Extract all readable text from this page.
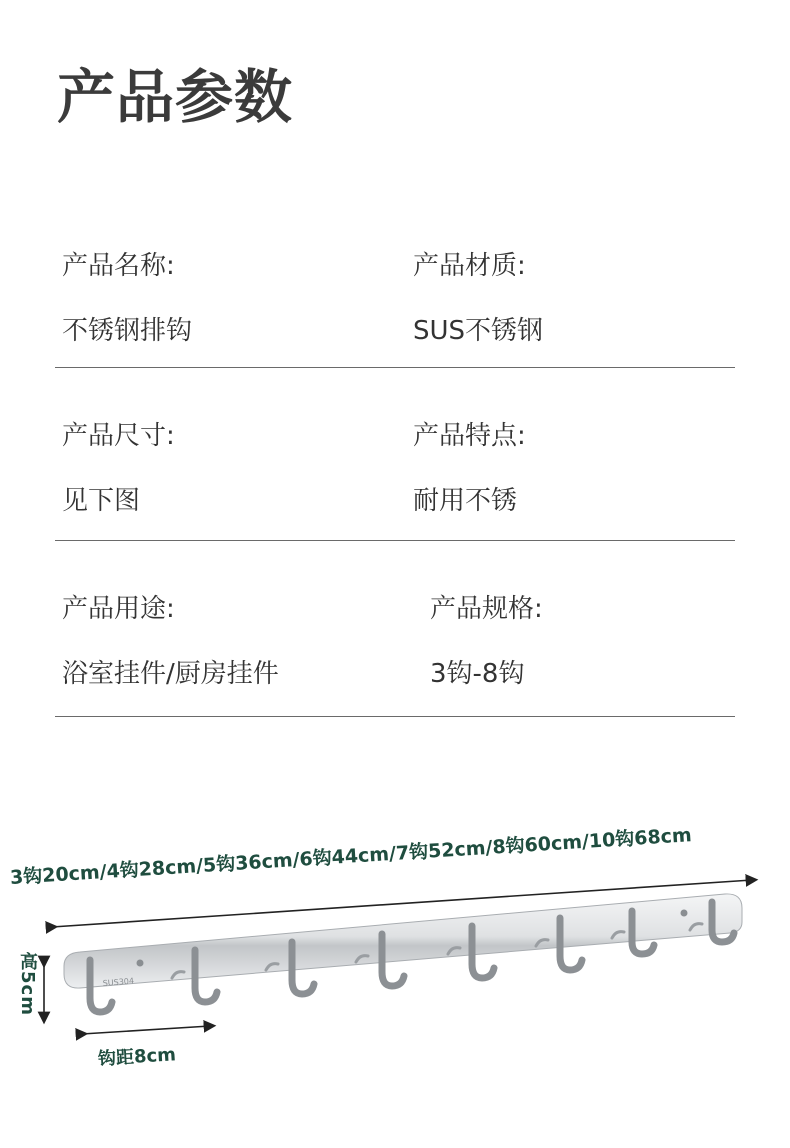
产品参数
产品名称:
不锈钢排钩
产品材质:
SUS不锈钢
产品尺寸:
见下图
产品特点:
耐用不锈
产品用途:
浴室挂件/厨房挂件
产品规格:
3钩-8钩
3钩20cm/4钩28cm/5钩36cm/6钩44cm/7钩52cm/8钩60cm/10钩68cm
SUS304
高5cm
钩距8cm
